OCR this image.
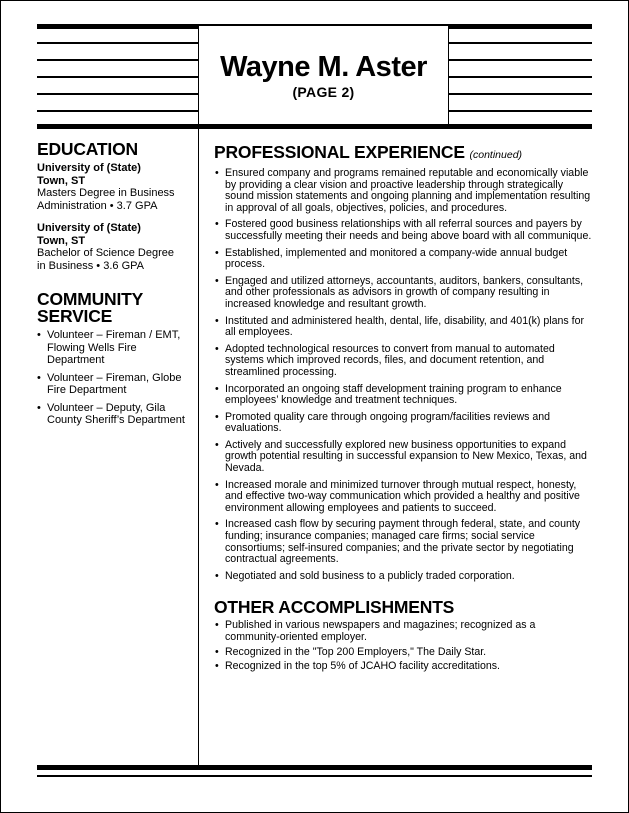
Wayne M. Aster
(PAGE 2)
EDUCATION
University of (State)
Town, ST
Masters Degree in Business
Administration • 3.7 GPA
University of (State)
Town, ST
Bachelor of Science Degree
in Business • 3.6 GPA
COMMUNITY
SERVICE
• Volunteer – Fireman / EMT, Flowing Wells Fire Department
• Volunteer – Fireman, Globe Fire Department
• Volunteer – Deputy, Gila County Sheriff’s Department
PROFESSIONAL EXPERIENCE (continued)
• Ensured company and programs remained reputable and economically viable by providing a clear vision and proactive leadership through strategically sound mission statements and ongoing planning and implementation resulting in approval of all goals, objectives, policies, and procedures.
• Fostered good business relationships with all referral sources and payers by successfully meeting their needs and being above board with all communique.
• Established, implemented and monitored a company-wide annual budget process.
• Engaged and utilized attorneys, accountants, auditors, bankers, consultants, and other professionals as advisors in growth of company resulting in increased knowledge and resultant growth.
• Instituted and administered health, dental, life, disability, and 401(k) plans for all employees.
• Adopted technological resources to convert from manual to automated systems which improved records, files, and document retention, and streamlined processing.
• Incorporated an ongoing staff development training program to enhance employees’ knowledge and treatment techniques.
• Promoted quality care through ongoing program/facilities reviews and evaluations.
• Actively and successfully explored new business opportunities to expand growth potential resulting in successful expansion to New Mexico, Texas, and Nevada.
• Increased morale and minimized turnover through mutual respect, honesty, and effective two-way communication which provided a healthy and positive environment allowing employees and patients to succeed.
• Increased cash flow by securing payment through federal, state, and county funding; insurance companies; managed care firms; social service consortiums; self-insured companies; and the private sector by negotiating contractual agreements.
• Negotiated and sold business to a publicly traded corporation.
OTHER ACCOMPLISHMENTS
• Published in various newspapers and magazines; recognized as a community-oriented employer.
• Recognized in the "Top 200 Employers," The Daily Star.
• Recognized in the top 5% of JCAHO facility accreditations.
